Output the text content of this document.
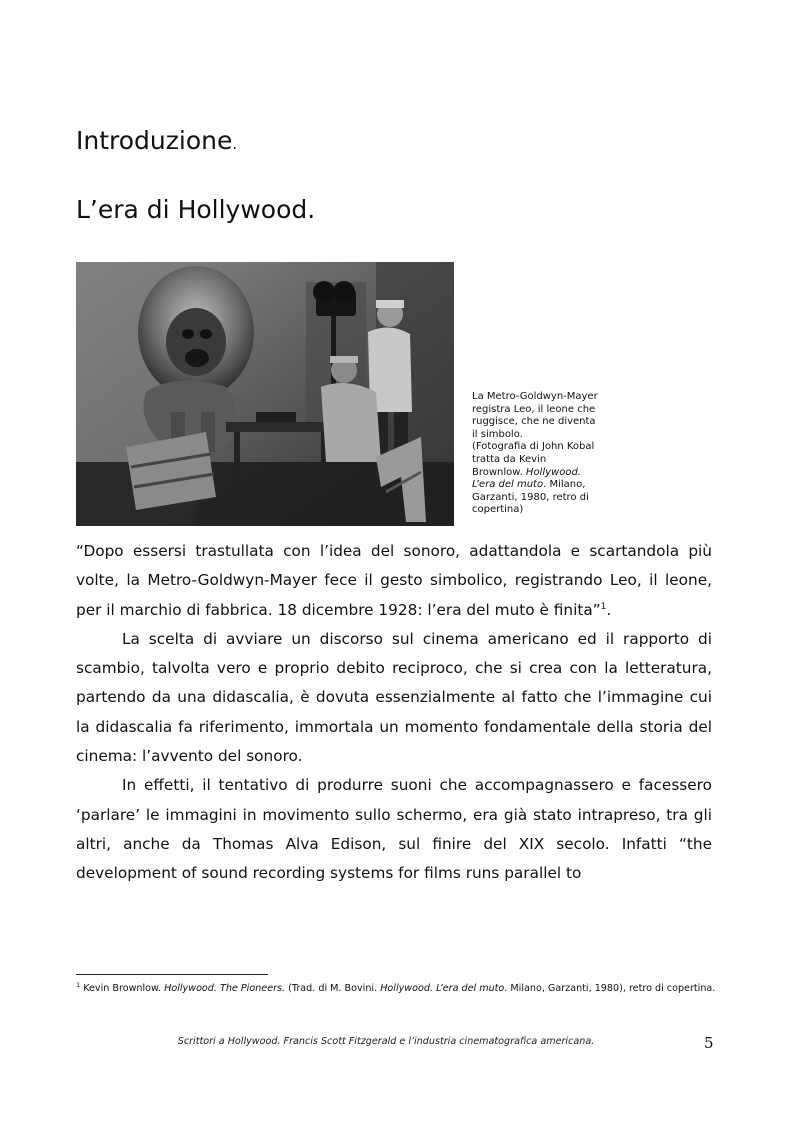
Introduzione.
L’era di Hollywood.
La Metro-Goldwyn-Mayer
registra Leo, il leone che
ruggisce, che ne diventa
il simbolo.
(Fotografia di John Kobal
tratta da Kevin
Brownlow. Hollywood.
L’era del muto. Milano,
Garzanti, 1980, retro di
copertina)

“Dopo essersi trastullata con l’idea del sonoro, adattandola e scartandola più volte, la Metro-Goldwyn-Mayer fece il gesto simbolico, registrando Leo, il leone, per il marchio di fabbrica. 18 dicembre 1928: l’era del muto è finita”$^1$.

La scelta di avviare un discorso sul cinema americano ed il rapporto di scambio, talvolta vero e proprio debito reciproco, che si crea con la letteratura, partendo da una didascalia, è dovuta essenzialmente al fatto che l’immagine cui la didascalia fa riferimento, immortala un momento fondamentale della storia del cinema: l’avvento del sonoro.

In effetti, il tentativo di produrre suoni che accompagnassero e facessero ‘parlare’ le immagini in movimento sullo schermo, era già stato intrapreso, tra gli altri, anche da Thomas Alva Edison, sul finire del XIX secolo. Infatti “the development of sound recording systems for films runs parallel to

$^1$ Kevin Brownlow. Hollywood. The Pioneers. (Trad. di M. Bovini. Hollywood. L’era del muto. Milano, Garzanti, 1980), retro di copertina.
Scrittori a Hollywood. Francis Scott Fitzgerald e l’industria cinematografica americana.	5
